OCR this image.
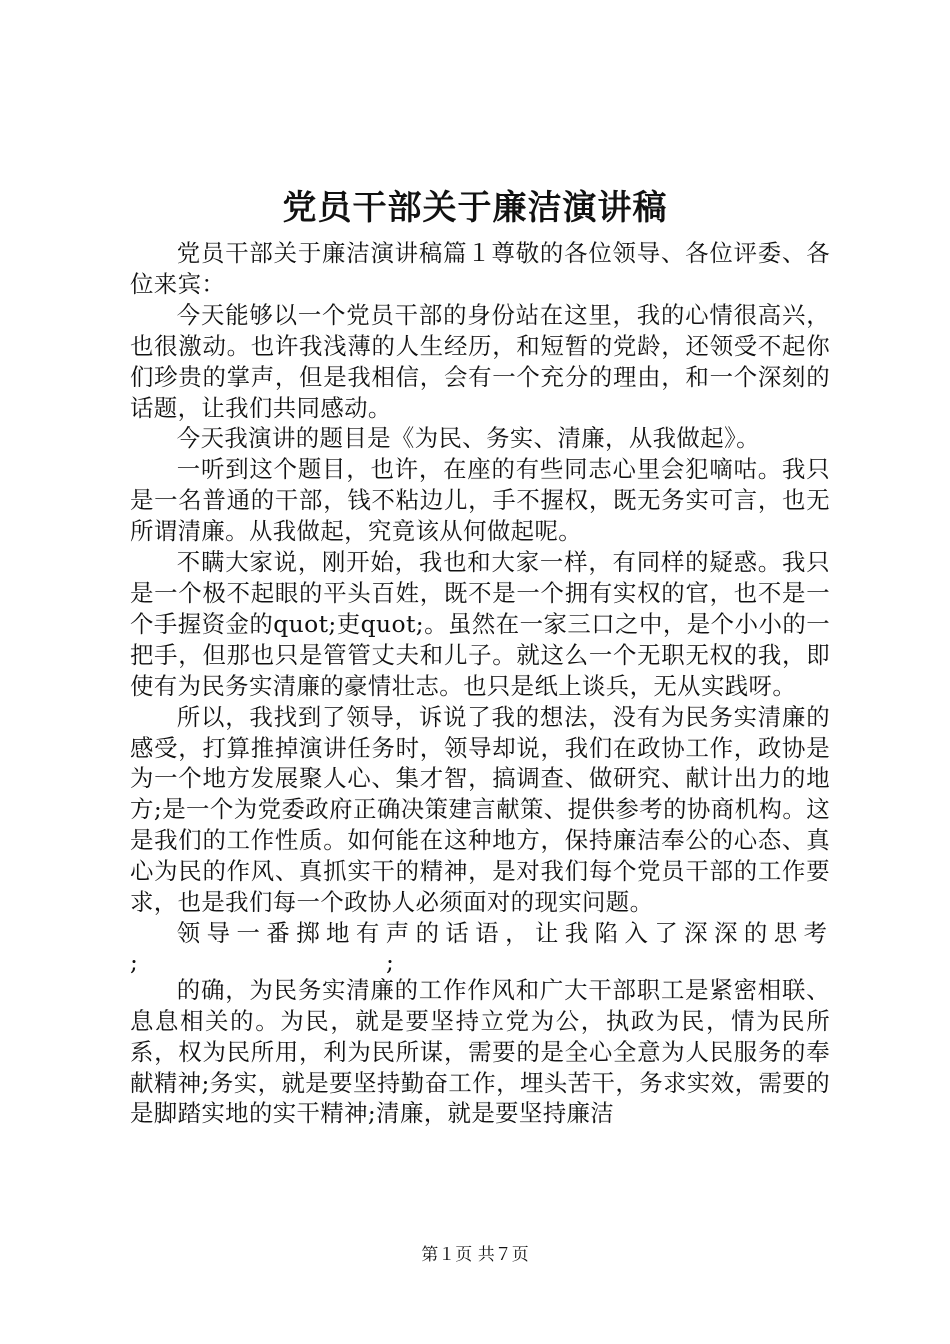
党员干部关于廉洁演讲稿

党员干部关于廉洁演讲稿篇１尊敬的各位领导、各位评委、各位来宾：

今天能够以一个党员干部的身份站在这里，我的心情很高兴，也很激动。也许我浅薄的人生经历，和短暂的党龄，还领受不起你们珍贵的掌声，但是我相信，会有一个充分的理由，和一个深刻的话题，让我们共同感动。

今天我演讲的题目是《为民、务实、清廉，从我做起》。

一听到这个题目，也许，在座的有些同志心里会犯嘀咕。我只是一名普通的干部，钱不粘边儿，手不握权，既无务实可言，也无所谓清廉。从我做起，究竟该从何做起呢。

不瞒大家说，刚开始，我也和大家一样，有同样的疑惑。我只是一个极不起眼的平头百姓，既不是一个拥有实权的官，也不是一个手握资金的quot;吏quot;。虽然在一家三口之中，是个小小的一把手，但那也只是管管丈夫和儿子。就这么一个无职无权的我，即使有为民务实清廉的豪情壮志。也只是纸上谈兵，无从实践呀。

所以，我找到了领导，诉说了我的想法，没有为民务实清廉的感受，打算推掉演讲任务时，领导却说，我们在政协工作，政协是为一个地方发展聚人心、集才智，搞调查、做研究、献计出力的地方;是一个为党委政府正确决策建言献策、提供参考的协商机构。这是我们的工作性质。如何能在这种地方，保持廉洁奉公的心态、真心为民的作风、真抓实干的精神，是对我们每个党员干部的工作要求，也是我们每一个政协人必须面对的现实问题。

领导一番掷地有声的话语，让我陷入了深深的思考

;	;

的确，为民务实清廉的工作作风和广大干部职工是紧密相联、息息相关的。为民，就是要坚持立党为公，执政为民，情为民所系，权为民所用，利为民所谋，需要的是全心全意为人民服务的奉献精神;务实，就是要坚持勤奋工作，埋头苦干，务求实效，需要的是脚踏实地的实干精神;清廉，就是要坚持廉洁

第１页 共７页
